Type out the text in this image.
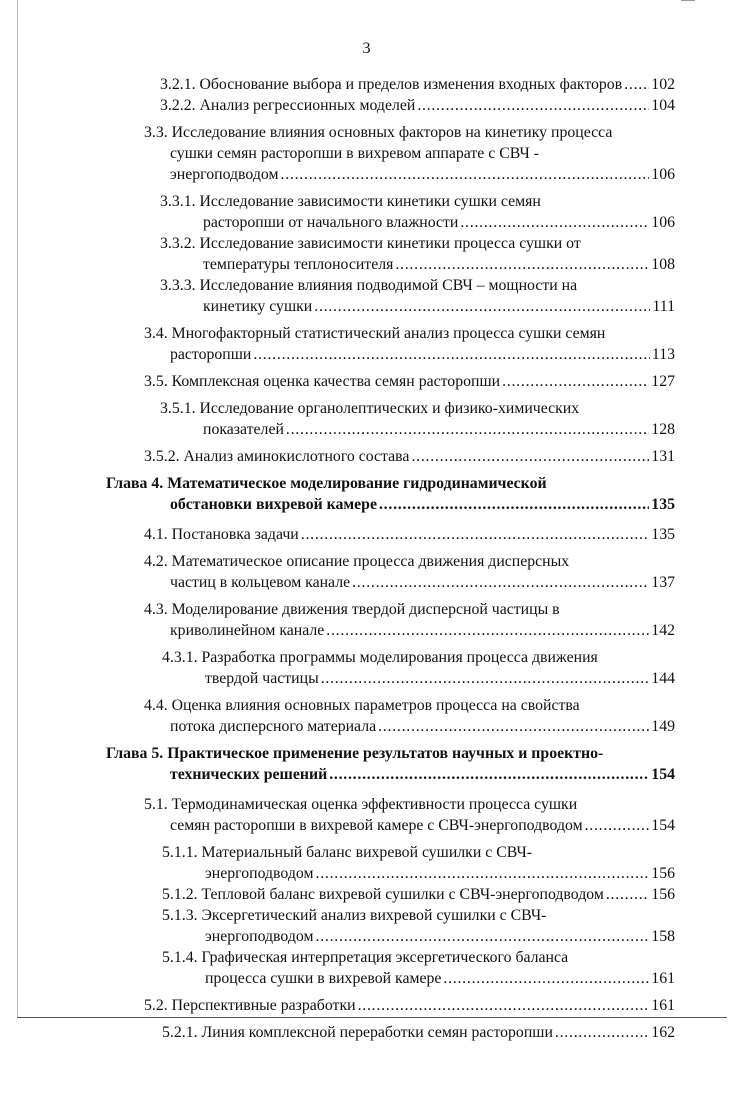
3
3.2.1. Обоснование выбора и пределов изменения входных факторов . . . 102
3.2.2. Анализ регрессионных моделей . . .	104
3.3. Исследование влияния основных факторов на кинетику процесса
сушки семян расторопши в вихревом аппарате с СВЧ -
энергоподводом . . .	106
3.3.1. Исследование зависимости кинетики сушки семян
расторопши от начального влажности . . .	106
3.3.2. Исследование зависимости кинетики процесса сушки от
температуры теплоносителя . . .	108
3.3.3. Исследование влияния подводимой СВЧ – мощности на
кинетику сушки . . .	111
3.4. Многофакторный статистический анализ процесса сушки семян
расторопши . . .	113
3.5. Комплексная оценка качества семян расторопши . . .	127
3.5.1. Исследование органолептических и физико-химических
показателей . . .	128
3.5.2. Анализ аминокислотного состава . . .	131
Глава 4. Математическое моделирование гидродинамической
обстановки вихревой камере . . .	135
4.1. Постановка задачи . . .	135
4.2. Математическое описание процесса движения дисперсных
частиц в кольцевом канале . . .	137
4.3. Моделирование движения твердой дисперсной частицы в
криволинейном канале . . .	142
4.3.1. Разработка программы моделирования процесса движения
твердой частицы . . .	144
4.4. Оценка влияния основных параметров процесса на свойства
потока дисперсного материала . . .	149
Глава 5. Практическое применение результатов научных и проектно-
технических решений . . .	154
5.1. Термодинамическая оценка эффективности процесса сушки
семян расторопши в вихревой камере с СВЧ-энергоподводом . . .	154
5.1.1. Материальный баланс вихревой сушилки с СВЧ-
энергоподводом . . .	156
5.1.2. Тепловой баланс вихревой сушилки с СВЧ-энергоподводом . . .	156
5.1.3. Эксергетический анализ вихревой сушилки с СВЧ-
энергоподводом . . .	158
5.1.4. Графическая интерпретация эксергетического баланса
процесса сушки в вихревой камере . . .	161
5.2. Перспективные разработки . . .	161
5.2.1. Линия комплексной переработки семян расторопши . . .	162
